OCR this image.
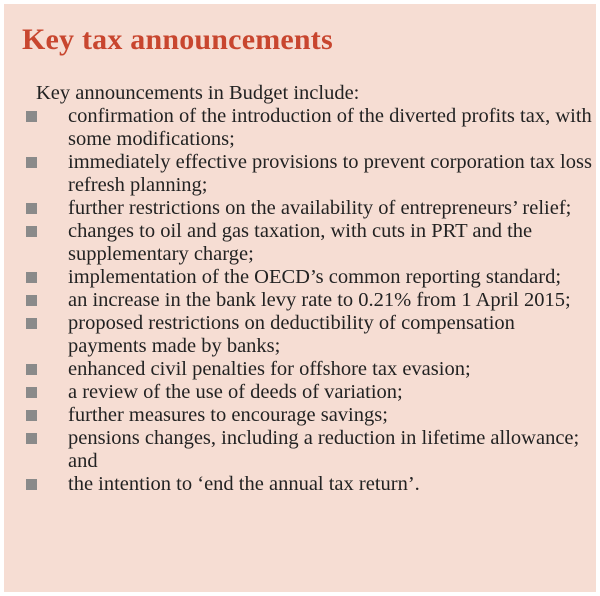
Key tax announcements

Key announcements in Budget include:

confirmation of the introduction of the diverted profits tax, with some modifications;
immediately effective provisions to prevent corporation tax loss refresh planning;
further restrictions on the availability of entrepreneurs’ relief;
changes to oil and gas taxation, with cuts in PRT and the supplementary charge;
implementation of the OECD’s common reporting standard;
an increase in the bank levy rate to 0.21% from 1 April 2015;
proposed restrictions on deductibility of compensation payments made by banks;
enhanced civil penalties for offshore tax evasion;
a review of the use of deeds of variation;
further measures to encourage savings;
pensions changes, including a reduction in lifetime allowance; and
the intention to ‘end the annual tax return’.
